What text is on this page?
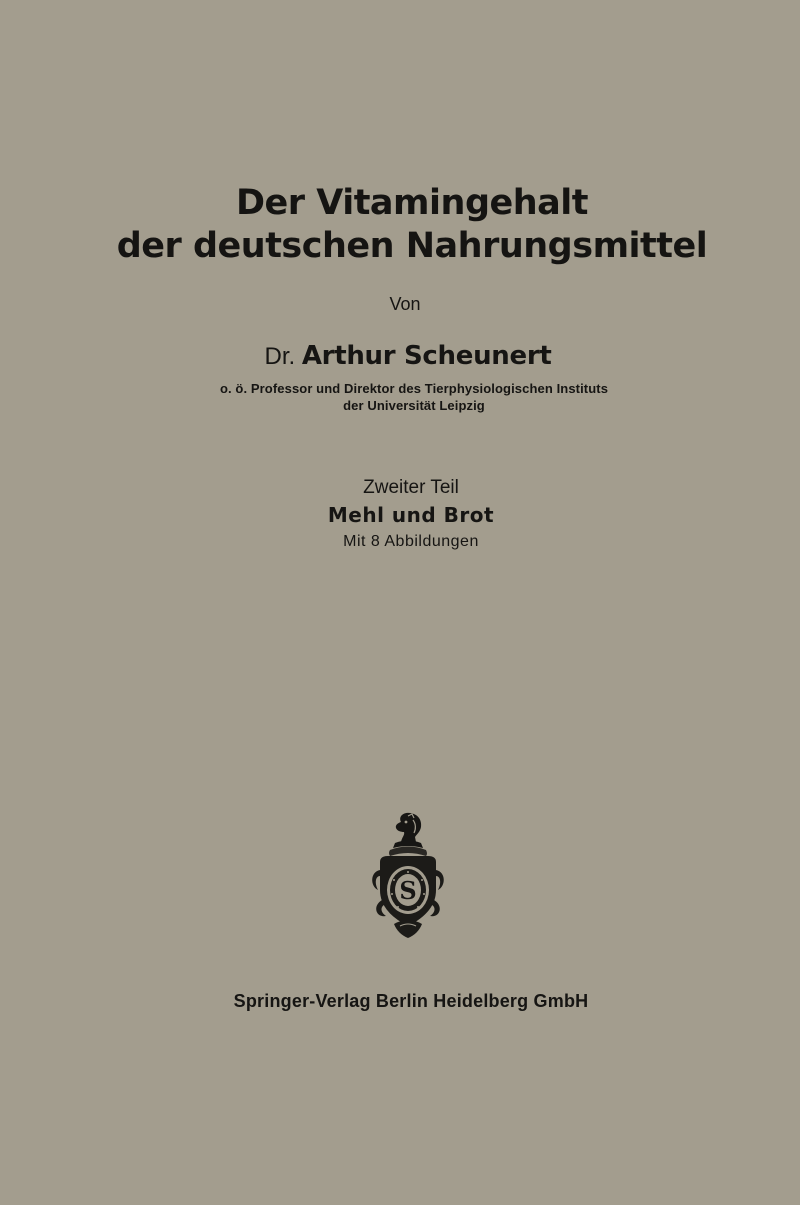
Der Vitamingehalt
der deutschen Nahrungsmittel
Von
Dr. Arthur Scheunert
o. ö. Professor und Direktor des Tierphysiologischen Instituts
der Universität Leipzig
Zweiter Teil
Mehl und Brot
Mit 8 Abbildungen
S
Springer-Verlag Berlin Heidelberg GmbH
